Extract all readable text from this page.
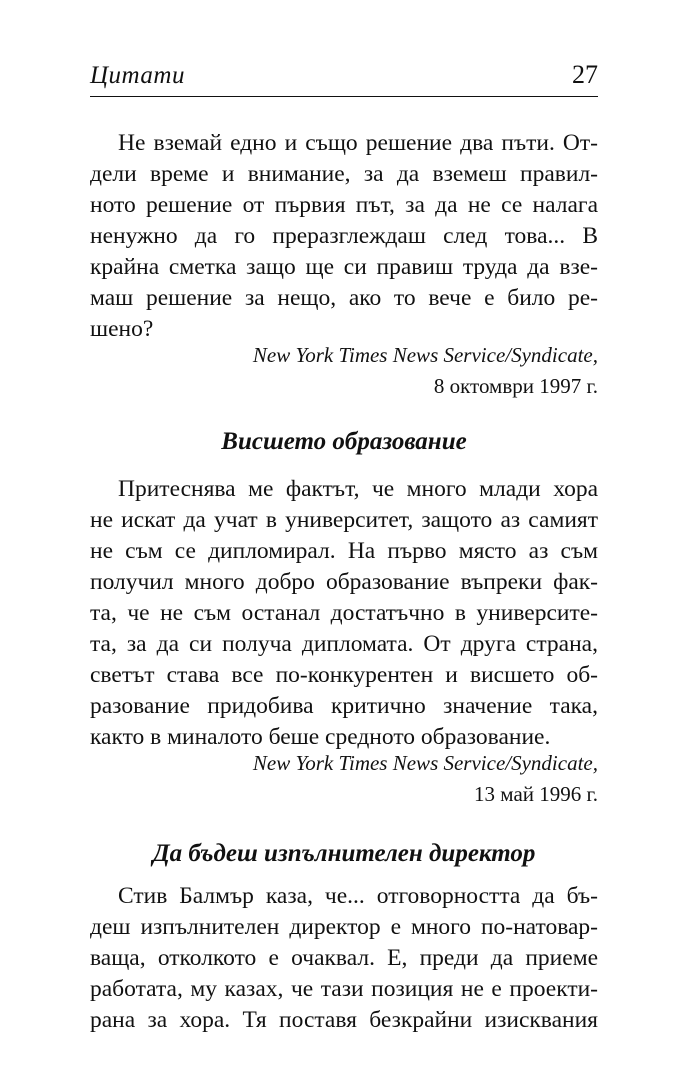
Цитати	27
Не вземай едно и също решение два пъти. От-
дели време и внимание, за да вземеш правил-
ното решение от първия път, за да не се налага
ненужно да го преразглеждаш след това... В
крайна сметка защо ще си правиш труда да взе-
маш решение за нещо, ако то вече е било ре-
шено?
New York Times News Service/Syndicate,
8 октомври 1997 г.
Висшето образование
Притеснява ме фактът, че много млади хора
не искат да учат в университет, защото аз самият
не съм се дипломирал. На първо място аз съм
получил много добро образование въпреки фак-
та, че не съм останал достатъчно в университе-
та, за да си получа дипломата. От друга страна,
светът става все по-конкурентен и висшето об-
разование придобива критично значение така,
както в миналото беше средното образование.
New York Times News Service/Syndicate,
13 май 1996 г.
Да бъдеш изпълнителен директор
Стив Балмър каза, че... отговорността да бъ-
деш изпълнителен директор е много по-натовар-
ваща, отколкото е очаквал. Е, преди да приеме
работата, му казах, че тази позиция не е проекти-
рана за хора. Тя поставя безкрайни изисквания
